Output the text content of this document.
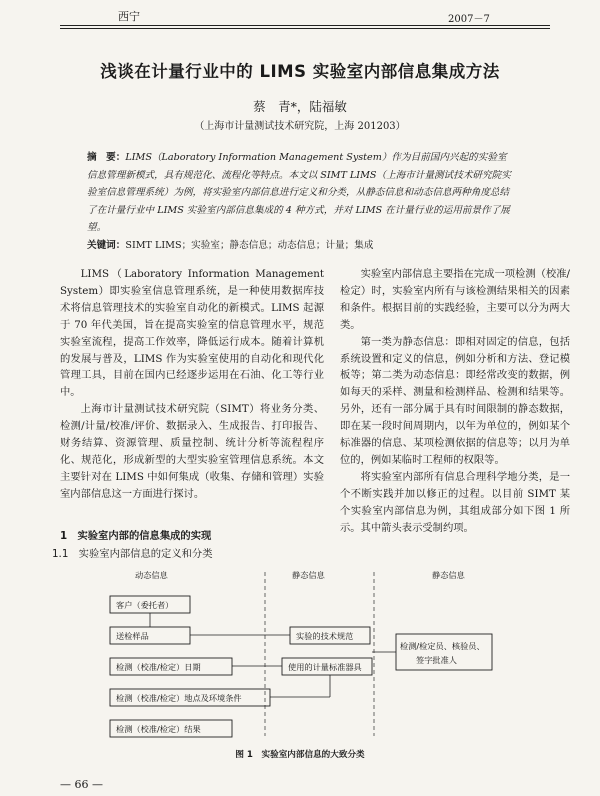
西宁	2007－7
浅谈在计量行业中的 LIMS 实验室内部信息集成方法
蔡　青*，陆福敏
（上海市计量测试技术研究院，上海 201203）
摘　要：LIMS（Laboratory Information Management System）作为目前国内兴起的实验室信息管理新模式，具有规范化、流程化等特点。本文以 SIMT LIMS（上海市计量测试技术研究院实验室信息管理系统）为例，将实验室内部信息进行定义和分类，从静态信息和动态信息两种角度总结了在计量行业中 LIMS 实验室内部信息集成的 4 种方式，并对 LIMS 在计量行业的运用前景作了展望。
关键词：SIMT LIMS；实验室；静态信息；动态信息；计量；集成

LIMS（Laboratory Information Management System）即实验室信息管理系统，是一种使用数据库技术将信息管理技术的实验室自动化的新模式。LIMS 起源于 70 年代美国，旨在提高实验室的信息管理水平，规范实验室流程，提高工作效率，降低运行成本。随着计算机的发展与普及，LIMS 作为实验室使用的自动化和现代化管理工具，目前在国内已经逐步运用在石油、化工等行业中。

上海市计量测试技术研究院（SIMT）将业务分类、检测/计量/校准/评价、数据录入、生成报告、打印报告、财务结算、资源管理、质量控制、统计分析等流程程序化、规范化，形成新型的大型实验室管理信息系统。本文主要针对在 LIMS 中如何集成（收集、存储和管理）实验室内部信息这一方面进行探讨。

1　实验室内部的信息集成的实现
1.1　实验室内部信息的定义和分类

实验室内部信息主要指在完成一项检测（校准/检定）时，实验室内所有与该检测结果相关的因素和条件。根据目前的实践经验，主要可以分为两大类。

第一类为静态信息：即相对固定的信息，包括系统设置和定义的信息，例如分析和方法、登记模板等；第二类为动态信息：即经常改变的数据，例如每天的采样、测量和检测样品、检测和结果等。另外，还有一部分属于具有时间限制的静态数据，即在某一段时间周期内，以年为单位的，例如某个标准器的信息、某项检测依据的信息等；以月为单位的，例如某临时工程师的权限等。

将实验室内部所有信息合理科学地分类，是一个不断实践并加以修正的过程。以目前 SIMT 某个实验室内部信息为例，其组成部分如下图 1 所示。其中箭头表示受制约项。

动态信息	静态信息	静态信息
客户（委托者）
送检样品
检测（校准/检定）日期
检测（校准/检定）地点及环境条件
检测（校准/检定）结果
实验的技术规范
使用的计量标准器具
检测/检定员、核验员、
签字批准人
图 1　实验室内部信息的大致分类
— 66 —
